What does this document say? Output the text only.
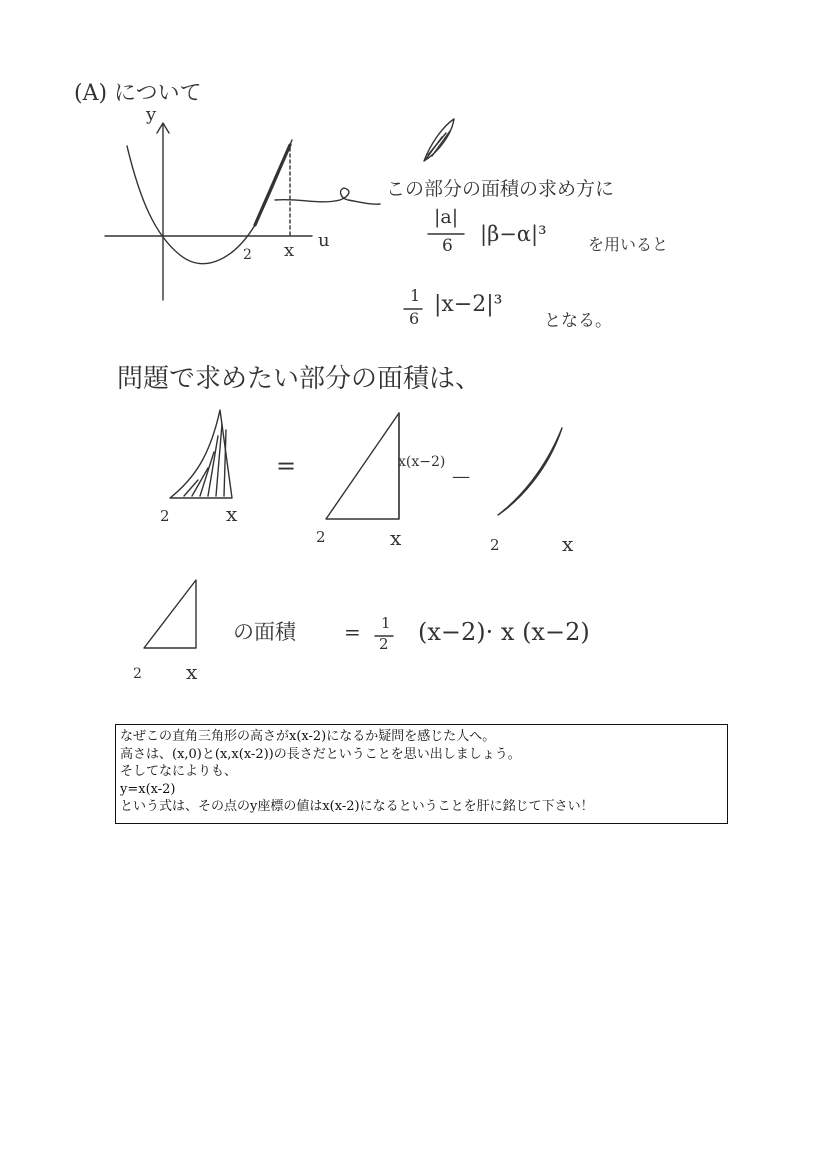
(A) について
y
u
2 x
この部分の面積の求め方に
|a|
6 |β−α|³	を用いると
1
6
|x−2|³
となる。
問題で求めたい部分の面積は、
2	x
=	x(x−2)
—
2	x	2	x
2 x
の面積 = 1
2 (x−2)· x (x−2)
なぜこの直角三角形の高さがx(x-2)になるか疑問を感じた人へ。
高さは、(x,0)と(x,x(x-2))の長さだということを思い出しましょう。
そしてなによりも、
y=x(x-2)
という式は、その点のy座標の値はx(x-2)になるということを肝に銘じて下さい！
